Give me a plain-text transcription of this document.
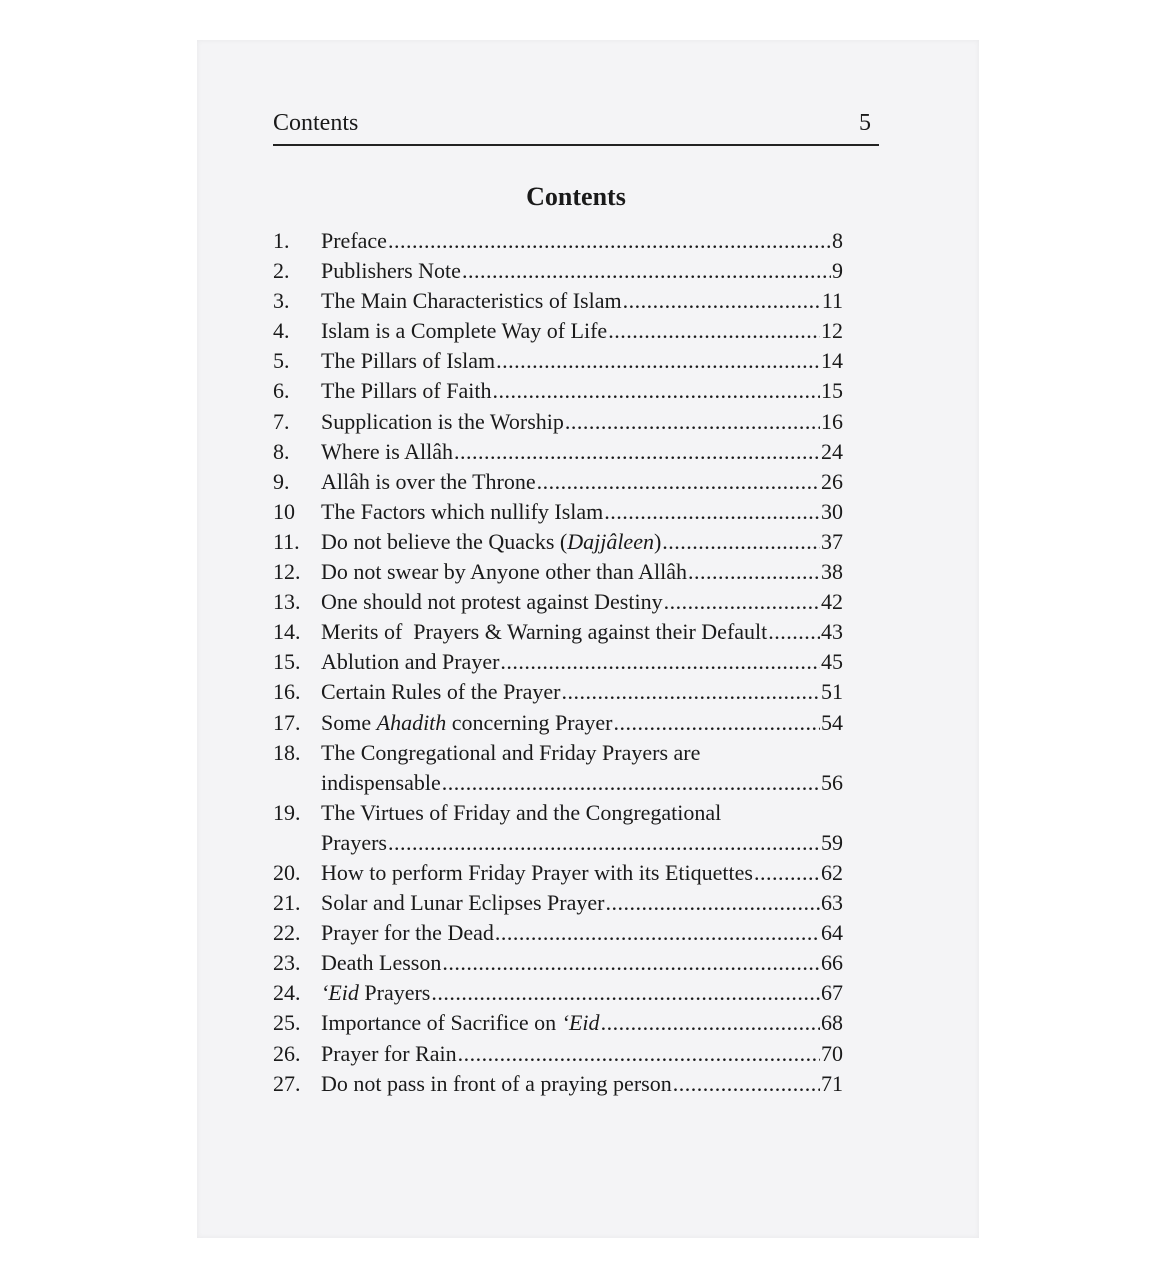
Contents	5
Contents
1.	Preface .....	8
2.	Publishers Note .....	9
3.	The Main Characteristics of Islam .....	11
4.	Islam is a Complete Way of Life .....	12
5.	The Pillars of Islam .....	14
6.	The Pillars of Faith .....	15
7.	Supplication is the Worship .....	16
8.	Where is Allâh .....	24
9.	Allâh is over the Throne .....	26
10	The Factors which nullify Islam .....	30
11. Do not believe the Quacks (Dajjâleen) .....	37
12. Do not swear by Anyone other than Allâh .....	38
13. One should not protest against Destiny .....	42
14. Merits of  Prayers & Warning against their Default ..... 43
15. Ablution and Prayer .....	45
16. Certain Rules of the Prayer .....	51
17. Some Ahadith concerning Prayer .....	54
18. The Congregational and Friday Prayers are
indispensable .....	56
19. The Virtues of Friday and the Congregational
Prayers .....	59
20. How to perform Friday Prayer with its Etiquettes .....	62
21. Solar and Lunar Eclipses Prayer .....	63
22. Prayer for the Dead .....	64
23. Death Lesson .....	66
24. ‘Eid Prayers .....	67
25. Importance of Sacrifice on ‘Eid .....	68
26. Prayer for Rain .....	70
27. Do not pass in front of a praying person .....	71
